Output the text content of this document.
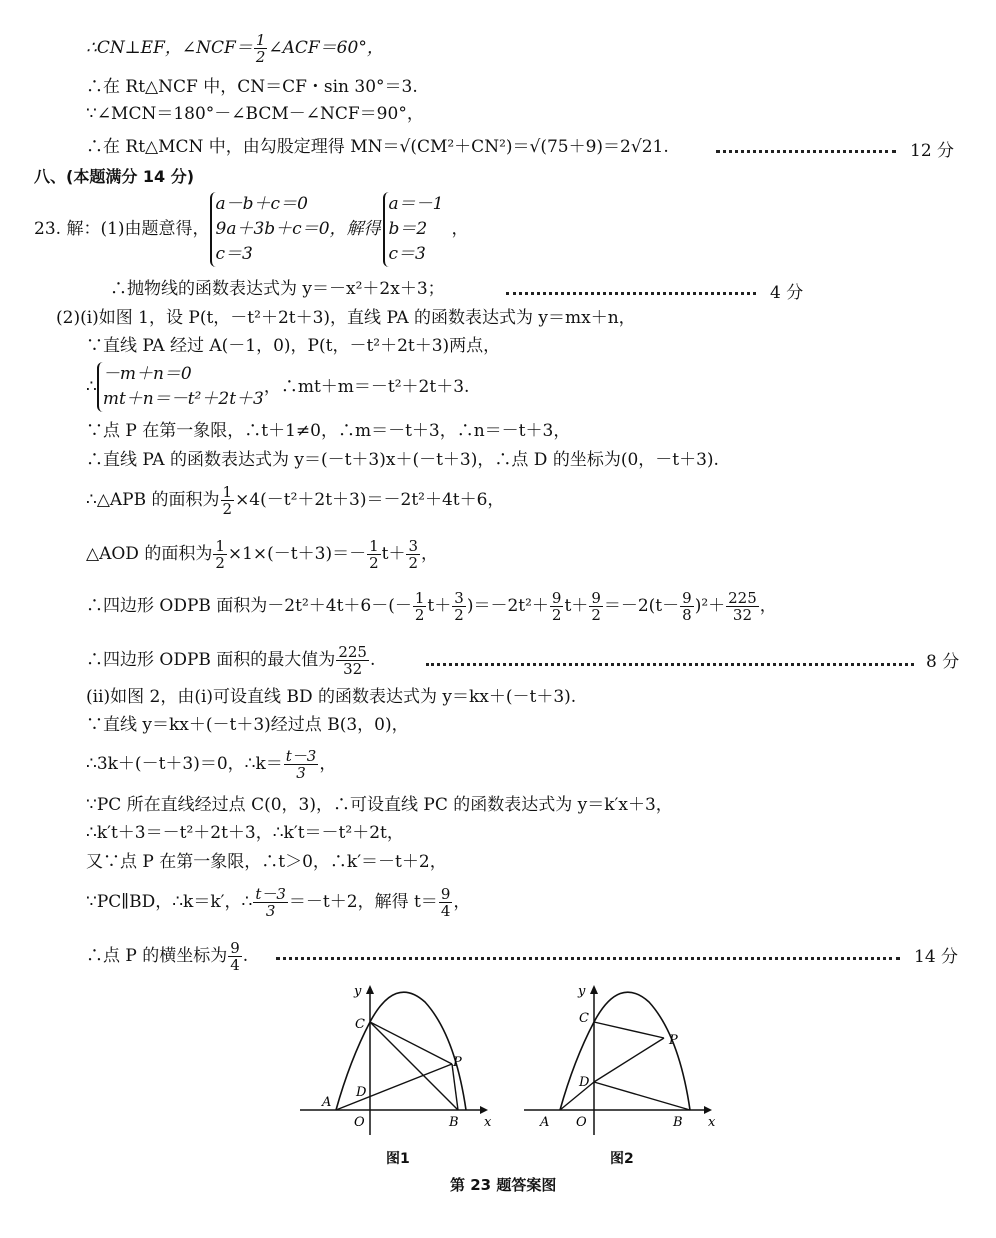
∴CN⊥EF，∠NCF＝ $\frac{1}{2}$ ∠ACF＝60°，
∴在 Rt△NCF 中，CN＝CF・sin 30°＝3.
∵∠MCN＝180°－∠BCM－∠NCF＝90°，
∴在 Rt△MCN 中，由勾股定理得 MN＝√(CM²＋CN²)＝√(75＋9)＝2√21.	12 分
八、(本题满分 14 分)
23. 解：(1)由题意得，
a－b＋c＝0
9a＋3b＋c＝0，解得
c＝3
a＝－1
b＝2
c＝3
，
∴抛物线的函数表达式为 y＝－x²＋2x＋3；	4 分
(2)(ⅰ)如图 1，设 P(t，－t²＋2t＋3)，直线 PA 的函数表达式为 y＝mx＋n，
∵直线 PA 经过 A(－1，0)，P(t，－t²＋2t＋3)两点，
∴
－m＋n＝0
mt＋n＝－t²＋2t＋3
，∴mt＋m＝－t²＋2t＋3.
∵点 P 在第一象限，∴t＋1≠0，∴m＝－t＋3，∴n＝－t＋3，
∴直线 PA 的函数表达式为 y＝(－t＋3)x＋(－t＋3)，∴点 D 的坐标为(0，－t＋3).
∴△APB 的面积为 $\frac{1}{2} \times 4(-t^2+2t+3)=-2t^2+4t+6$，
△AOD 的面积为 $\frac{1}{2} \times 1\times(-t+3)=- \frac{1}{2} t+ \frac{3}{2}$ ，
∴四边形 ODPB 面积为$-2t^2+4t+6-(- \frac{1}{2} t+ \frac{3}{2} )=-2t^2+ \frac{9}{2} t+ \frac{9}{2} =-2(t- \frac{9}{8} )^2+ \frac{225}{32}$ ，
∴四边形 ODPB 面积的最大值为 $\frac{225}{32}$ .	8 分
(ⅱ)如图 2，由(ⅰ)可设直线 BD 的函数表达式为 y＝kx＋(－t＋3).
∵直线 y＝kx＋(－t＋3)经过点 B(3，0)，
∴3k＋(－t＋3)＝0，∴k＝ $\frac{t-3}{3}$ ，
∵PC 所在直线经过点 C(0，3)，∴可设直线 PC 的函数表达式为 y＝k′x＋3，
∴k′t＋3＝－t²＋2t＋3，∴k′t＝－t²＋2t，
又∵点 P 在第一象限，∴t＞0，∴k′＝－t＋2，
∵PC∥BD，∴k＝k′，∴ $\frac{t-3}{3} =-t+2$，解得 $t= \frac{9}{4}$ ，
∴点 P 的横坐标为 $\frac{9}{4}$ .	14 分
y
x
C
P
D
A
O	B
y
x
C
P
D
A O	B
图1	图2
第 23 题答案图
